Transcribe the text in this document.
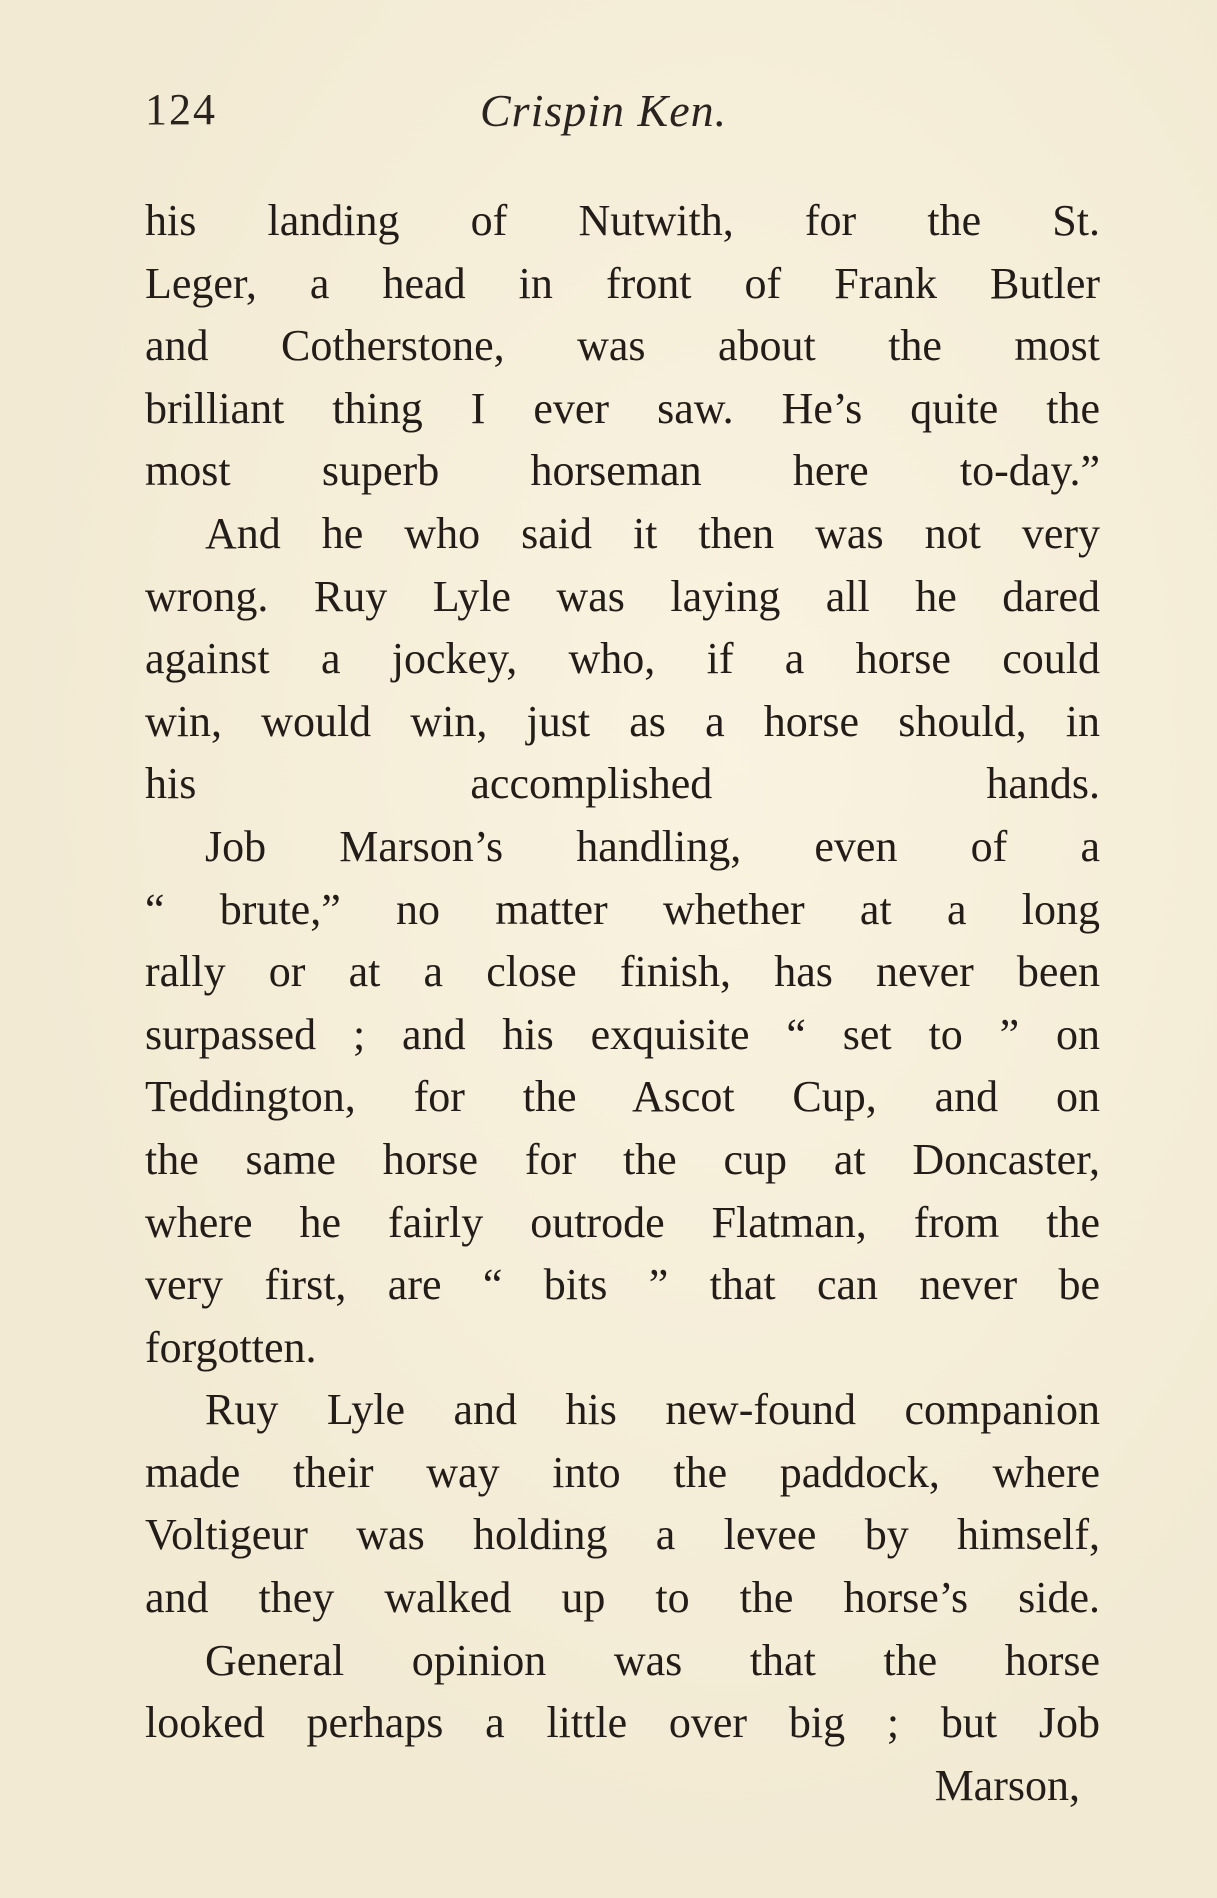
124	Crispin Ken.
his landing of Nutwith, for the St.
Leger, a head in front of Frank Butler
and Cotherstone, was about the most
brilliant thing I ever saw. He’s quite the
most superb horseman here to-day.”
And he who said it then was not very
wrong. Ruy Lyle was laying all he dared
against a jockey, who, if a horse could
win, would win, just as a horse should, in
his accomplished hands.
Job Marson’s handling, even of a
“ brute,” no matter whether at a long
rally or at a close finish, has never been
surpassed ; and his exquisite “ set to ” on
Teddington, for the Ascot Cup, and on
the same horse for the cup at Doncaster,
where he fairly outrode Flatman, from the
very first, are “ bits ” that can never be
forgotten.
Ruy Lyle and his new-found companion
made their way into the paddock, where
Voltigeur was holding a levee by himself,
and they walked up to the horse’s side.
General opinion was that the horse
looked perhaps a little over big ; but Job
Marson,
